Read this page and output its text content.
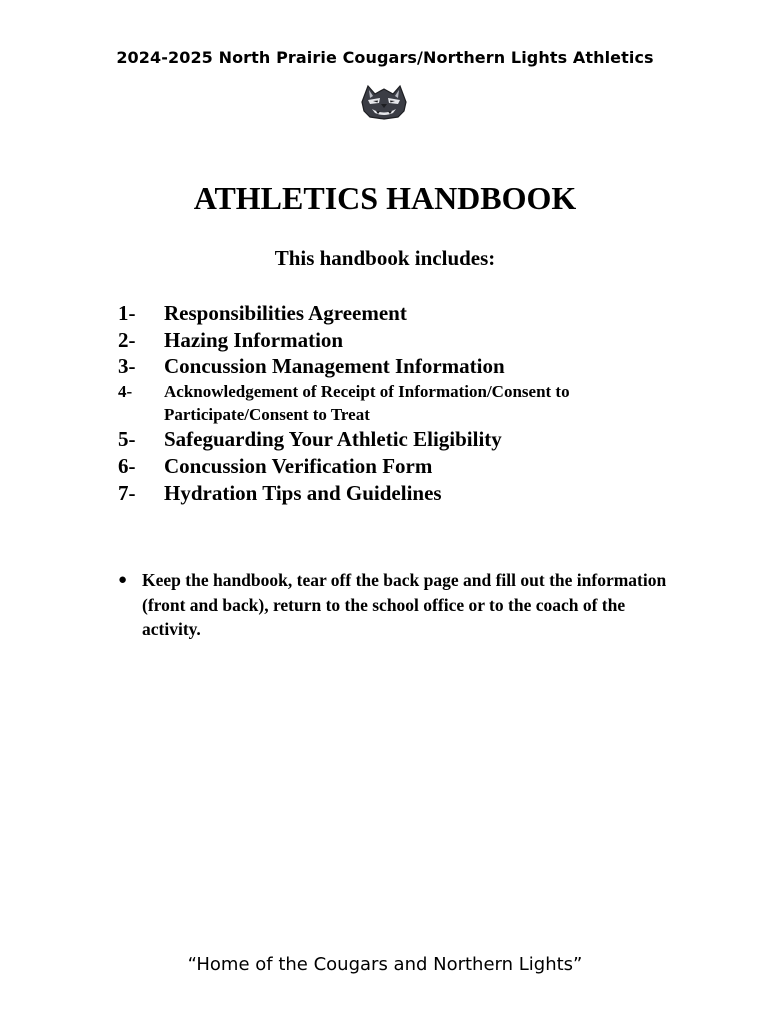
2024-2025 North Prairie Cougars/Northern Lights Athletics
ATHLETICS HANDBOOK
This handbook includes:
1-	Responsibilities Agreement
2-	Hazing Information
3-	Concussion Management Information
4-	Acknowledgement of Receipt of Information/Consent to Participate/Consent to Treat
5-	Safeguarding Your Athletic Eligibility
6-	Concussion Verification Form
7-	Hydration Tips and Guidelines
● Keep the handbook, tear off the back page and fill out the information (front and back), return to the school office or to the coach of the activity.
“Home of the Cougars and Northern Lights”
